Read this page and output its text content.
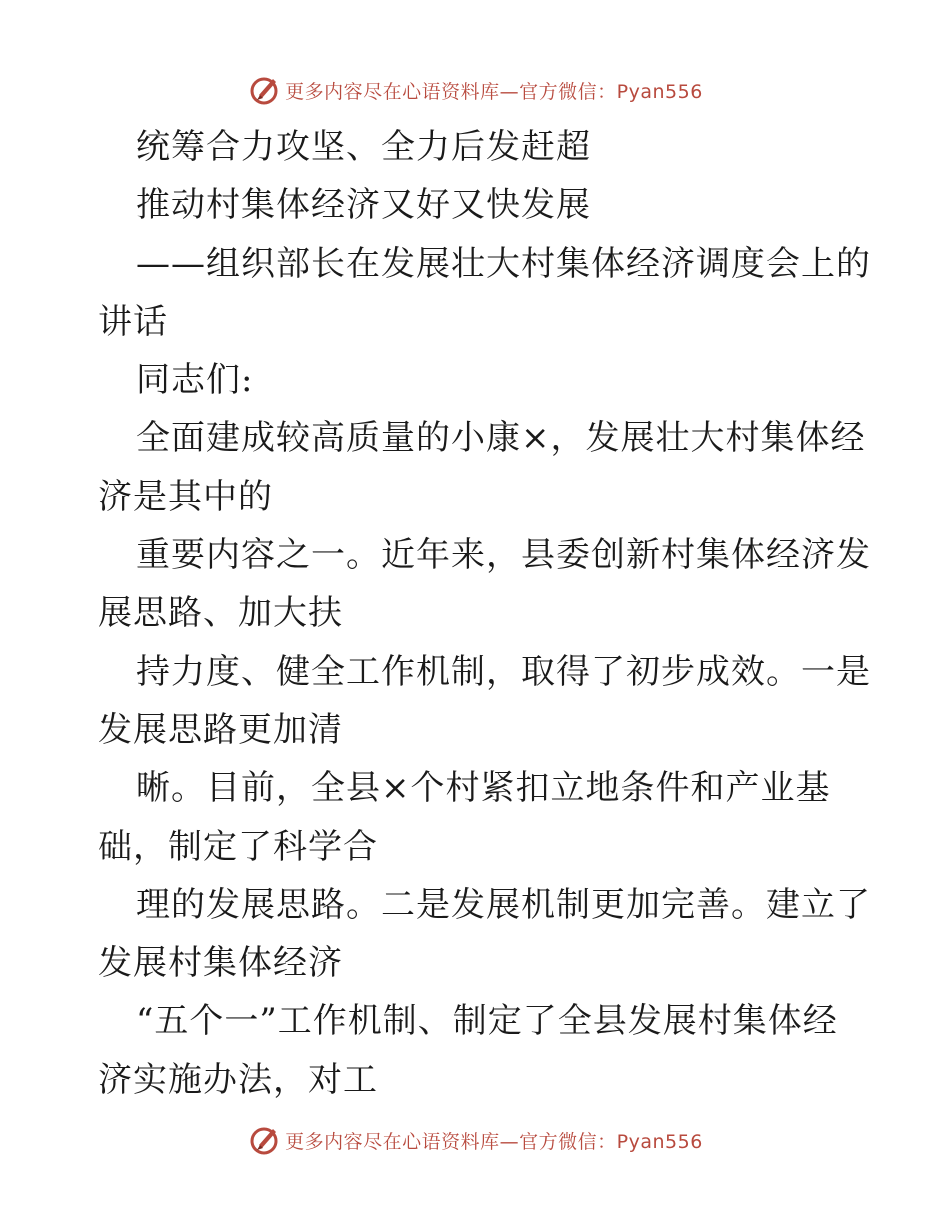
更多内容尽在心语资料库—官方微信：Pyan556
统筹合力攻坚、全力后发赶超
推动村集体经济又好又快发展
——组织部长在发展壮大村集体经济调度会上的
讲话
同志们:
全面建成较高质量的小康×，发展壮大村集体经
济是其中的
重要内容之一。近年来，县委创新村集体经济发
展思路、加大扶
持力度、健全工作机制，取得了初步成效。一是
发展思路更加清
晰。目前，全县×个村紧扣立地条件和产业基
础，制定了科学合
理的发展思路。二是发展机制更加完善。建立了
发展村集体经济
“五个一”工作机制、制定了全县发展村集体经
济实施办法，对工
更多内容尽在心语资料库—官方微信：Pyan556
